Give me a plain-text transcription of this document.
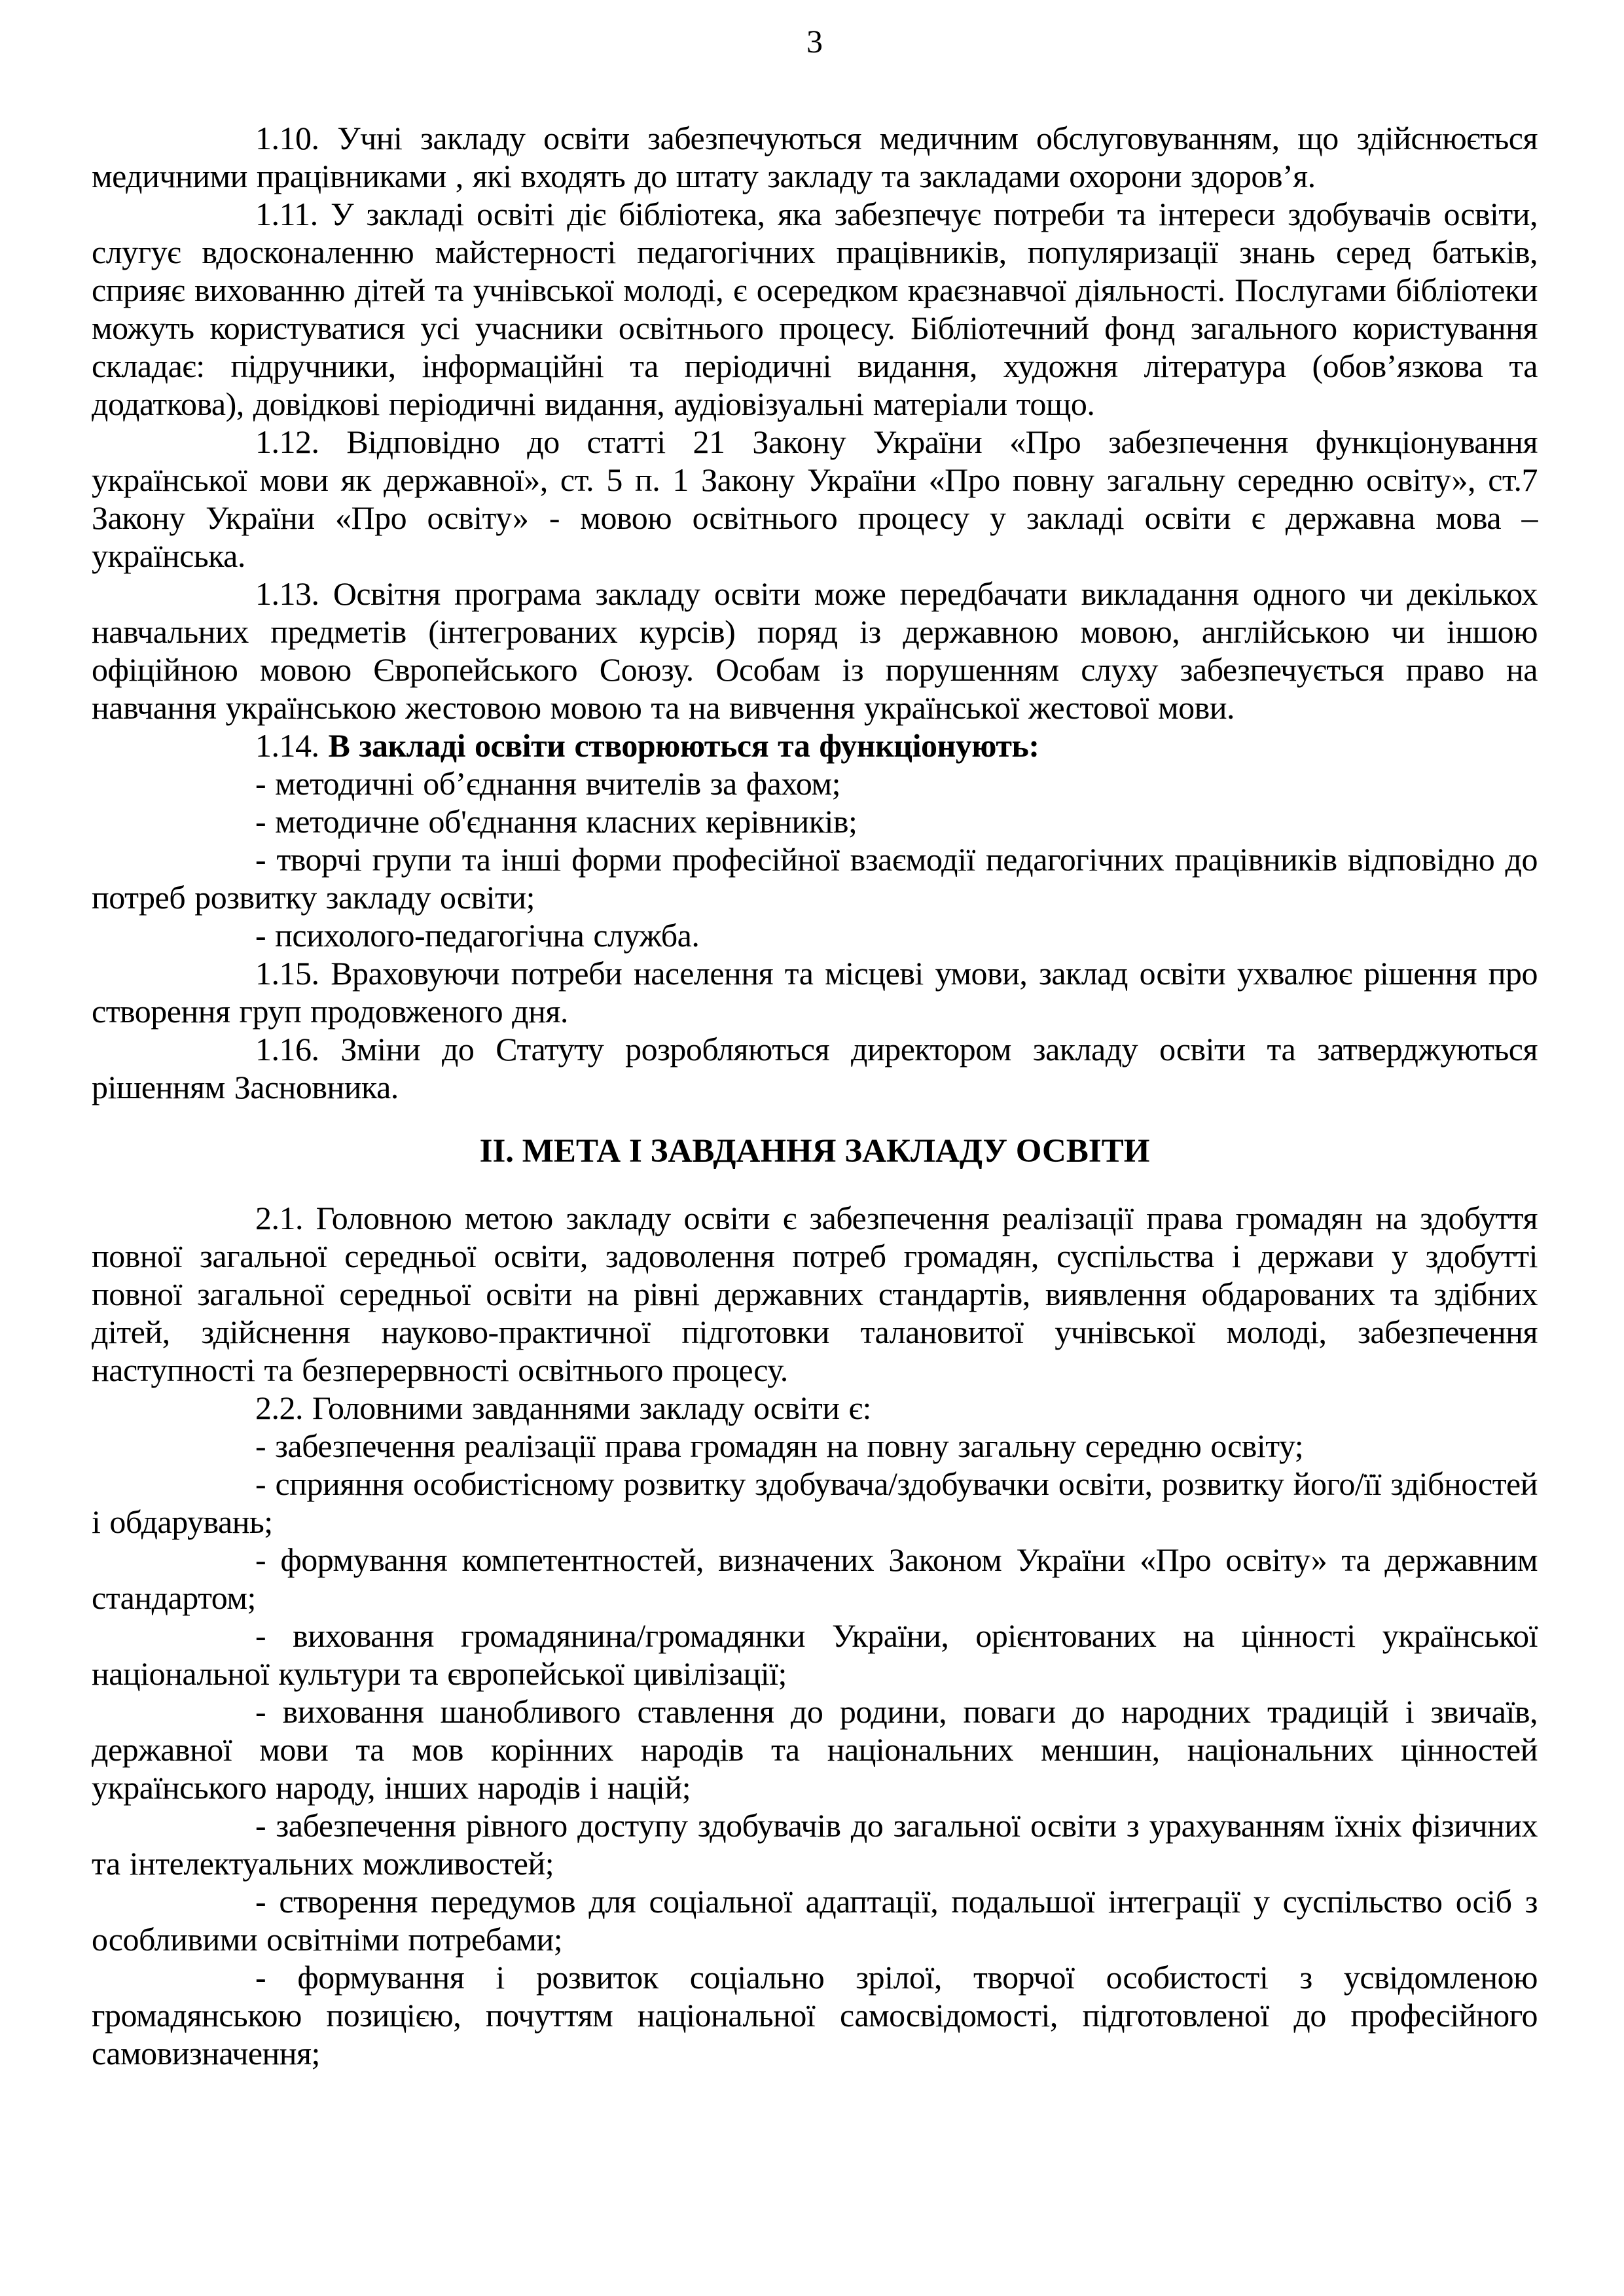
3

1.10. Учні закладу освіти забезпечуються медичним обслуговуванням, що здійснюється медичними працівниками , які входять до штату закладу та закладами охорони здоров’я.

1.11. У закладі освіті діє бібліотека, яка забезпечує потреби та інтереси здобувачів освіти, слугує вдосконаленню майстерності педагогічних працівників, популяризації знань серед батьків, сприяє вихованню дітей та учнівської молоді, є осередком краєзнавчої діяльності. Послугами бібліотеки можуть користуватися усі учасники освітнього процесу. Бібліотечний фонд загального користування складає: підручники, інформаційні та періодичні видання, художня література (обов’язкова та додаткова), довідкові періодичні видання, аудіовізуальні матеріали тощо.

1.12. Відповідно до статті 21 Закону України «Про забезпечення функціонування української мови як державної», ст. 5 п. 1 Закону України «Про повну загальну середню освіту», ст.7 Закону України «Про освіту» - мовою освітнього процесу у закладі освіти є державна мова – українська.

1.13. Освітня програма закладу освіти може передбачати викладання одного чи декількох навчальних предметів (інтегрованих курсів) поряд із державною мовою, англійською чи іншою офіційною мовою Європейського Союзу. Особам із порушенням слуху забезпечується право на навчання українською жестовою мовою та на вивчення української жестової мови.

1.14. В закладі освіти створюються та функціонують:

- методичні об’єднання вчителів за фахом;

- методичне об'єднання класних керівників;

- творчі групи та інші форми професійної взаємодії педагогічних працівників відповідно до потреб розвитку закладу освіти;

- психолого-педагогічна служба.

1.15. Враховуючи потреби населення та місцеві умови, заклад освіти ухвалює рішення про створення груп продовженого дня.

1.16. Зміни до Статуту розробляються директором закладу освіти та затверджуються рішенням Засновника.

ІІ. МЕТА І ЗАВДАННЯ ЗАКЛАДУ ОСВІТИ

2.1. Головною метою закладу освіти є забезпечення реалізації права громадян на здобуття повної загальної середньої освіти, задоволення потреб громадян, суспільства і держави у здобутті повної загальної середньої освіти на рівні державних стандартів, виявлення обдарованих та здібних дітей, здійснення науково-практичної підготовки талановитої учнівської молоді, забезпечення наступності та безперервності освітнього процесу.

2.2. Головними завданнями закладу освіти є:

- забезпечення реалізації права громадян на повну загальну середню освіту;

- сприяння особистісному розвитку здобувача/здобувачки освіти, розвитку його/її здібностей і обдарувань;

- формування компетентностей, визначених Законом України «Про освіту» та державним стандартом;

- виховання громадянина/громадянки України, орієнтованих на цінності української національної культури та європейської цивілізації;

- виховання шанобливого ставлення до родини, поваги до народних традицій і звичаїв, державної мови та мов корінних народів та національних меншин, національних цінностей українського народу, інших народів і націй;

- забезпечення рівного доступу здобувачів до загальної освіти з урахуванням їхніх фізичних та інтелектуальних можливостей;

- створення передумов для соціальної адаптації, подальшої інтеграції у суспільство осіб з особливими освітніми потребами;

- формування і розвиток соціально зрілої, творчої особистості з усвідомленою громадянською позицією, почуттям національної самосвідомості, підготовленої до професійного самовизначення;
